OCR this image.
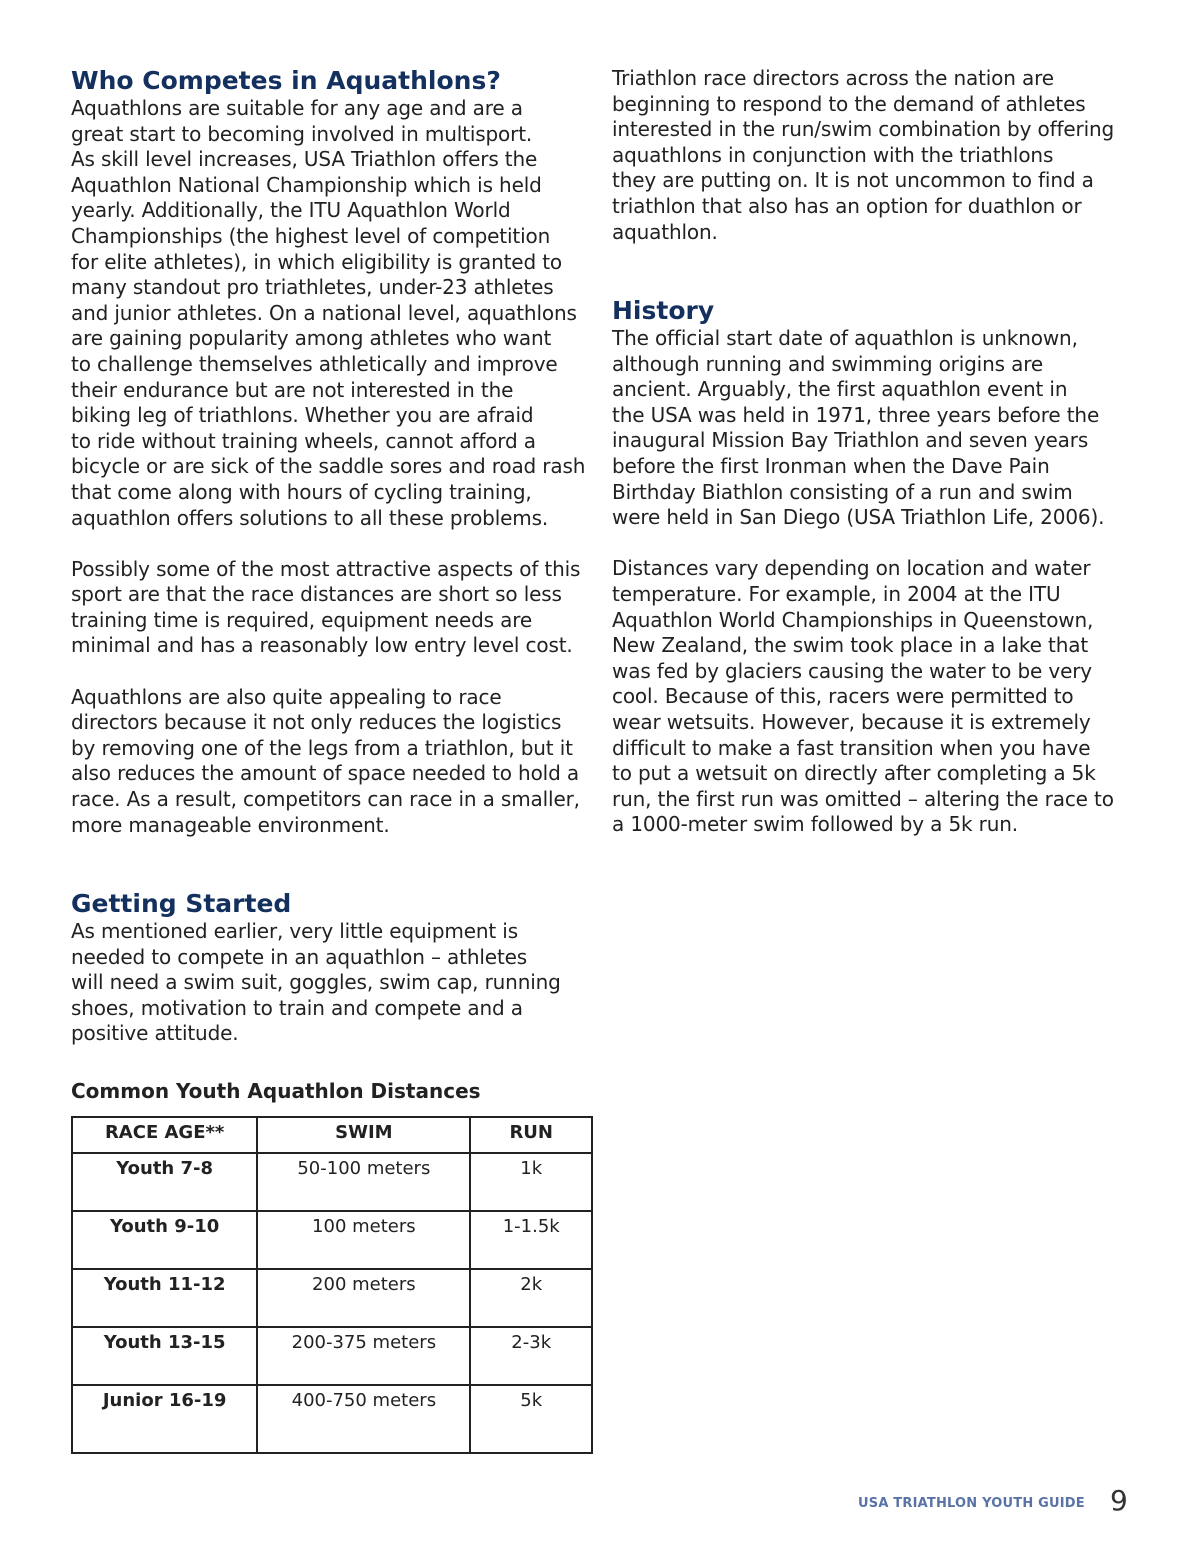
Who Competes in Aquathlons?

Aquathlons are suitable for any age and are a
great start to becoming involved in multisport.
As skill level increases, USA Triathlon offers the
Aquathlon National Championship which is held
yearly. Additionally, the ITU Aquathlon World
Championships (the highest level of competition
for elite athletes), in which eligibility is granted to
many standout pro triathletes, under-23 athletes
and junior athletes. On a national level, aquathlons
are gaining popularity among athletes who want
to challenge themselves athletically and improve
their endurance but are not interested in the
biking leg of triathlons. Whether you are afraid
to ride without training wheels, cannot afford a
bicycle or are sick of the saddle sores and road rash
that come along with hours of cycling training,
aquathlon offers solutions to all these problems.

Possibly some of the most attractive aspects of this
sport are that the race distances are short so less
training time is required, equipment needs are
minimal and has a reasonably low entry level cost.

Aquathlons are also quite appealing to race
directors because it not only reduces the logistics
by removing one of the legs from a triathlon, but it
also reduces the amount of space needed to hold a
race. As a result, competitors can race in a smaller,
more manageable environment.

Triathlon race directors across the nation are
beginning to respond to the demand of athletes
interested in the run/swim combination by offering
aquathlons in conjunction with the triathlons
they are putting on. It is not uncommon to find a
triathlon that also has an option for duathlon or
aquathlon.

History

The official start date of aquathlon is unknown,
although running and swimming origins are
ancient. Arguably, the first aquathlon event in
the USA was held in 1971, three years before the
inaugural Mission Bay Triathlon and seven years
before the first Ironman when the Dave Pain
Birthday Biathlon consisting of a run and swim
were held in San Diego (USA Triathlon Life, 2006).

Distances vary depending on location and water
temperature. For example, in 2004 at the ITU
Aquathlon World Championships in Queenstown,
New Zealand, the swim took place in a lake that
was fed by glaciers causing the water to be very
cool. Because of this, racers were permitted to
wear wetsuits. However, because it is extremely
difficult to make a fast transition when you have
to put a wetsuit on directly after completing a 5k
run, the first run was omitted – altering the race to
a 1000-meter swim followed by a 5k run.

Getting Started

As mentioned earlier, very little equipment is
needed to compete in an aquathlon – athletes
will need a swim suit, goggles, swim cap, running
shoes, motivation to train and compete and a
positive attitude.

Common Youth Aquathlon Distances
RACE AGE**	SWIM	RUN
Youth 7-8	50-100 meters	1k
Youth 9-10	100 meters	1-1.5k
Youth 11-12	200 meters	2k
Youth 13-15	200-375 meters	2-3k
Junior 16-19	400-750 meters	5k
USA TRIATHLON YOUTH GUIDE 9
